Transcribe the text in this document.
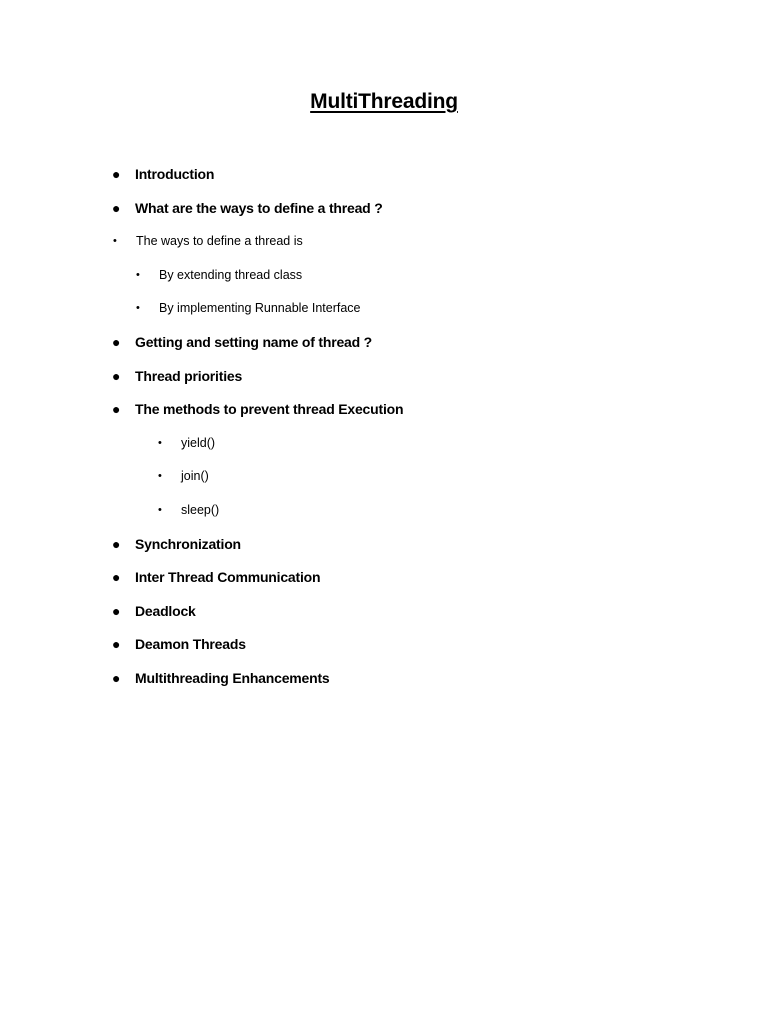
MultiThreading
●	Introduction
●	What are the ways to define a thread ?
•	The ways to define a thread is
•	By extending thread class
•	By implementing Runnable Interface
●	Getting and setting name of thread ?
●	Thread priorities
●	The methods to prevent thread Execution
•	yield()
•	join()
•	sleep()
●	Synchronization
●	Inter Thread Communication
●	Deadlock
●	Deamon Threads
●	Multithreading Enhancements
